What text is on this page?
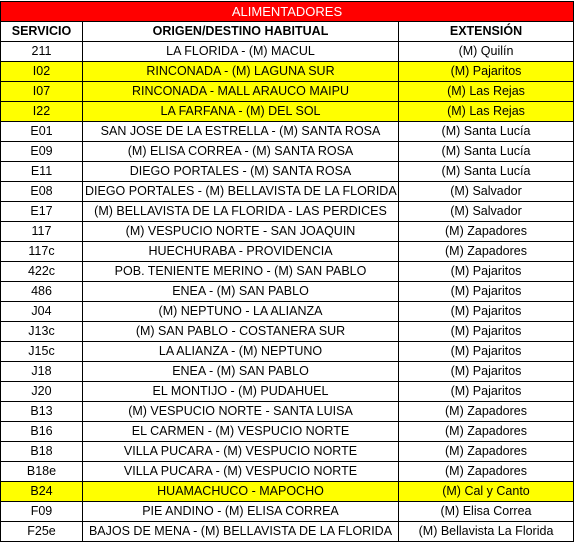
ALIMENTADORES		
SERVICIO	ORIGEN/DESTINO HABITUAL	EXTENSIÓN
211	LA FLORIDA - (M) MACUL	(M) Quilín
I02	RINCONADA - (M) LAGUNA SUR	(M) Pajaritos
I07	RINCONADA - MALL ARAUCO MAIPU	(M) Las Rejas
I22	LA FARFANA - (M) DEL SOL	(M) Las Rejas
E01	SAN JOSE DE LA ESTRELLA - (M) SANTA ROSA	(M) Santa Lucía
E09	(M) ELISA CORREA - (M) SANTA ROSA	(M) Santa Lucía
E11	DIEGO PORTALES - (M) SANTA ROSA	(M) Santa Lucía
E08	DIEGO PORTALES - (M) BELLAVISTA DE LA FLORIDA	(M) Salvador
E17	(M) BELLAVISTA DE LA FLORIDA - LAS PERDICES	(M) Salvador
117	(M) VESPUCIO NORTE - SAN JOAQUIN	(M) Zapadores
117c	HUECHURABA - PROVIDENCIA	(M) Zapadores
422c	POB. TENIENTE MERINO - (M) SAN PABLO	(M) Pajaritos
486	ENEA - (M) SAN PABLO	(M) Pajaritos
J04	(M) NEPTUNO - LA ALIANZA	(M) Pajaritos
J13c	(M) SAN PABLO - COSTANERA SUR	(M) Pajaritos
J15c	LA ALIANZA - (M) NEPTUNO	(M) Pajaritos
J18	ENEA - (M) SAN PABLO	(M) Pajaritos
J20	EL MONTIJO - (M) PUDAHUEL	(M) Pajaritos
B13	(M) VESPUCIO NORTE - SANTA LUISA	(M) Zapadores
B16	EL CARMEN - (M) VESPUCIO NORTE	(M) Zapadores
B18	VILLA PUCARA - (M) VESPUCIO NORTE	(M) Zapadores
B18e	VILLA PUCARA - (M) VESPUCIO NORTE	(M) Zapadores
B24	HUAMACHUCO - MAPOCHO	(M) Cal y Canto
F09	PIE ANDINO - (M) ELISA CORREA	(M) Elisa Correa
F25e	BAJOS DE MENA - (M) BELLAVISTA DE LA FLORIDA	(M) Bellavista La Florida
